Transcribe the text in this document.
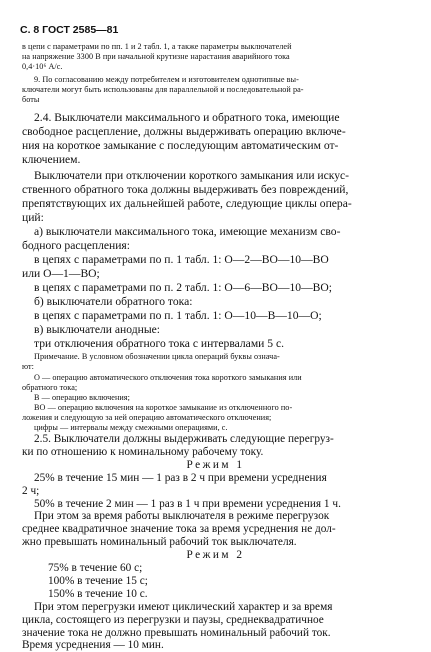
С. 8 ГОСТ 2585—81
в цепи с параметрами по пп. 1 и 2 табл. 1, а также параметры выключателей
на напряжение 3300 В при начальной крутизне нарастания аварийного тока
0,4·10⁶ А/с.
9. По согласованию между потребителем и изготовителем однотипные вы-
ключатели могут быть использованы для параллельной и последовательной ра-
боты
2.4. Выключатели максимального и обратного тока, имеющие
свободное расцепление, должны выдерживать операцию включе-
ния на короткое замыкание с последующим автоматическим от-
ключением.
Выключатели при отключении короткого замыкания или искус-
ственного обратного тока должны выдерживать без повреждений,
препятствующих их дальнейшей работе, следующие циклы опера-
ций:
а) выключатели максимального тока, имеющие механизм сво-
бодного расцепления:
в цепях с параметрами по п. 1 табл. 1: О—2—ВО—10—ВО
или О—1—ВО;
в цепях с параметрами по п. 2 табл. 1: О—6—ВО—10—ВО;
б) выключатели обратного тока:
в цепях с параметрами по п. 1 табл. 1: О—10—В—10—О;
в) выключатели анодные:
три отключения обратного тока с интервалами 5 с.
Примечание. В условном обозначении цикла операций буквы означа-
ют:
О — операцию автоматического отключения тока короткого замыкания или
обратного тока;
В — операцию включения;
ВО — операцию включения на короткое замыкание из отключенного по-
ложения и следующую за ней операцию автоматического отключения;
цифры — интервалы между смежными операциями, с.
2.5. Выключатели должны выдерживать следующие перегруз-
ки по отношению к номинальному рабочему току.
Режим 1
25% в течение 15 мин — 1 раз в 2 ч при времени усреднения
2 ч;
50% в течение 2 мин — 1 раз в 1 ч при времени усреднения 1 ч.
При этом за время работы выключателя в режиме перегрузок
среднее квадратичное значение тока за время усреднения не дол-
жно превышать номинальный рабочий ток выключателя.
Режим 2
75% в течение 60 с;
100% в течение 15 с;
150% в течение 10 с.
При этом перегрузки имеют циклический характер и за время
цикла, состоящего из перегрузки и паузы, среднеквадратичное
значение тока не должно превышать номинальный рабочий ток.
Время усреднения — 10 мин.
